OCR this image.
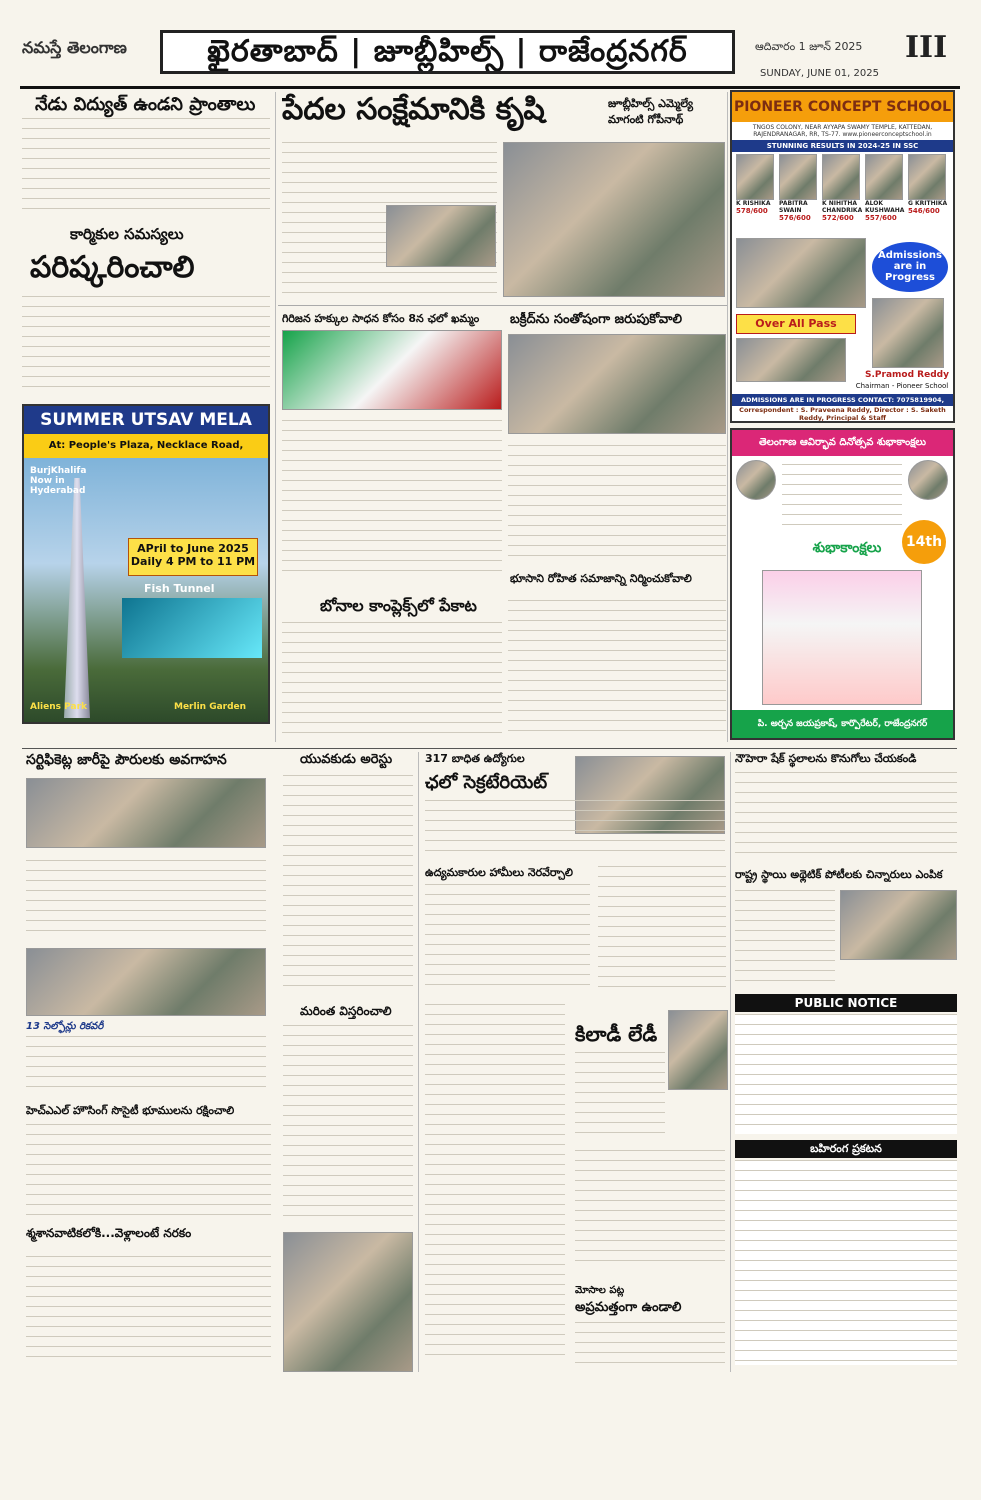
నమస్తే తెలంగాణ	ఖైరతాబాద్ | జూబ్లీహిల్స్ | రాజేంద్రనగర్	ఆదివారం 1 జూన్ 2025
SUNDAY, JUNE 01, 2025
III
నేడు విద్యుత్ ఉండని ప్రాంతాలు
కార్మికుల సమస్యలు
పరిష్కరించాలి
SUMMER UTSAV MELA
At: People's Plaza, Necklace Road,
BurjKhalifa Now in Hyderabad
APril to June 2025
Daily 4 PM to 11 PM
Fish Tunnel
Aliens Park	Merlin Garden
పేదల సంక్షేమానికి కృషి	జూబ్లీహిల్స్ ఎమ్మెల్యే మాగంటి గోపీనాథ్
గిరిజన హక్కుల సాధన కోసం 8న ఛలో ఖమ్మం	బక్రీద్‌ను సంతోషంగా జరుపుకోవాలి
బోనాల కాంప్లెక్స్‌లో పేకాట
భూసాని రోహిత సమాజాన్ని నిర్మించుకోవాలి
PIONEER CONCEPT SCHOOL
TNGOS COLONY, NEAR AYYAPA SWAMY TEMPLE, KATTEDAN, RAJENDRANAGAR, RR, TS-77. www.pioneerconceptschool.in
STUNNING RESULTS IN 2024-25 IN SSC
K RISHIKA
578/600
PABITRA SWAIN
576/600
K NIHITHA CHANDRIKA
572/600
ALOK KUSHWAHA
557/600
G KRITHIKA
546/600
Admissions are in Progress
Over All Pass
S.Pramod Reddy
Chairman - Pioneer School
ADMISSIONS ARE IN PROGRESS CONTACT: 7075819904,
Correspondent : S. Praveena Reddy, Director : S. Saketh Reddy, Principal & Staff
తెలంగాణ ఆవిర్భావ దినోత్సవ శుభాకాంక్షలు
14th
శుభాకాంక్షలు
పి. అర్చన జయప్రకాష్, కార్పొరేటర్, రాజేంద్రనగర్
సర్టిఫికెట్ల జారీపై పౌరులకు అవగాహన
13 సెల్ఫోన్లు రికవరీ
హెచ్ఎఎల్ హౌసింగ్ సొసైటీ భూములను రక్షించాలి
శ్మశానవాటికలోకి...వెళ్లాలంటే నరకం
యువకుడు అరెస్టు
మరింత విస్తరించాలి
317 బాధిత ఉద్యోగుల
ఛలో సెక్రటేరియెట్
ఉద్యమకారుల హామీలు నెరవేర్చాలి
కిలాడీ లేడీ
మోసాల పట్ల
అప్రమత్తంగా ఉండాలి
నౌహెరా షేక్ స్థలాలను కొనుగోలు చేయకండి
రాష్ట్ర స్థాయి అథ్లెటిక్ పోటీలకు చిన్నారులు ఎంపిక
PUBLIC NOTICE
బహిరంగ ప్రకటన
